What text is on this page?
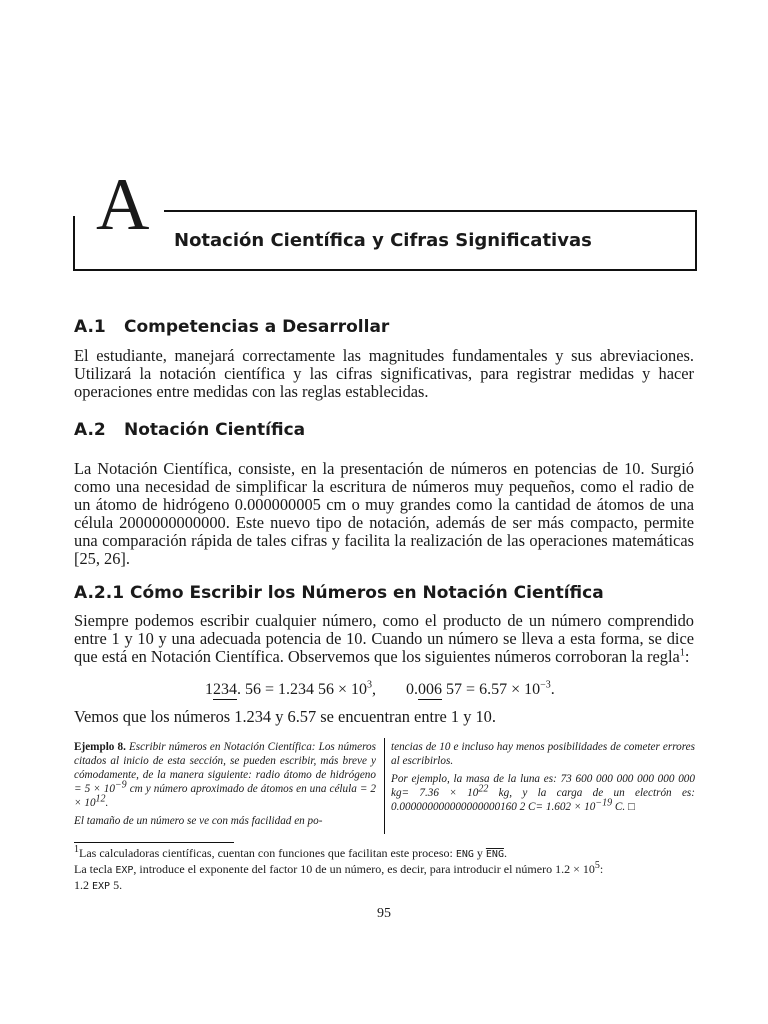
A Notación Científica y Cifras Significativas
A.1 Competencias a Desarrollar
El estudiante, manejará correctamente las magnitudes fundamentales y sus abreviaciones. Utilizará la notación científica y las cifras significativas, para registrar medidas y hacer operaciones entre medidas con las reglas establecidas.
A.2 Notación Científica
La Notación Científica, consiste, en la presentación de números en potencias de 10. Surgió como una necesidad de simplificar la escritura de números muy pequeños, como el radio de un átomo de hidrógeno 0.000000005 cm o muy grandes como la cantidad de átomos de una célula 2000000000000. Este nuevo tipo de notación, además de ser más compacto, permite una comparación rápida de tales cifras y facilita la realización de las operaciones matemáticas [25, 26].
A.2.1 Cómo Escribir los Números en Notación Científica
Siempre podemos escribir cualquier número, como el producto de un número comprendido entre 1 y 10 y una adecuada potencia de 10. Cuando un número se lleva a esta forma, se dice que está en Notación Científica. Observemos que los siguientes números corroboran la regla$^1$:
1234. 56 = 1.234 $56 \times 10^3$, 0.006 $57 = 6.57 \times 10^{-3}$.
Vemos que los números 1.234 y 6.57 se encuentran entre 1 y 10.

Ejemplo 8. Escribir números en Notación Científica: Los números citados al inicio de esta sección, se pueden escribir, más breve y cómodamente, de la manera siguiente: radio átomo de hidrógeno = $5 \times 10^{-9}$ cm y número aproximado de átomos en una célula = $2 \times 10^{12}$.

El tamaño de un número se ve con más facilidad en po-

tencias de 10 e incluso hay menos posibilidades de cometer errores al escribirlos.

Por ejemplo, la masa de la luna es: 73 600 000 000 000 000 000 $kg= 7.36 \times 10^{22}$ kg, y la carga de un electrón es: 0.000000000000000000160 2 $C= 1.602 \times 10^{-19}$ C. □

$^1$Las calculadoras científicas, cuentan con funciones que facilitan este proceso: ENG y $\overline{ENG}$.
La tecla EXP, introduce el exponente del factor 10 de un número, es decir, para introducir el número $1.2 \times 10^5$:
1.2 EXP 5.
95
